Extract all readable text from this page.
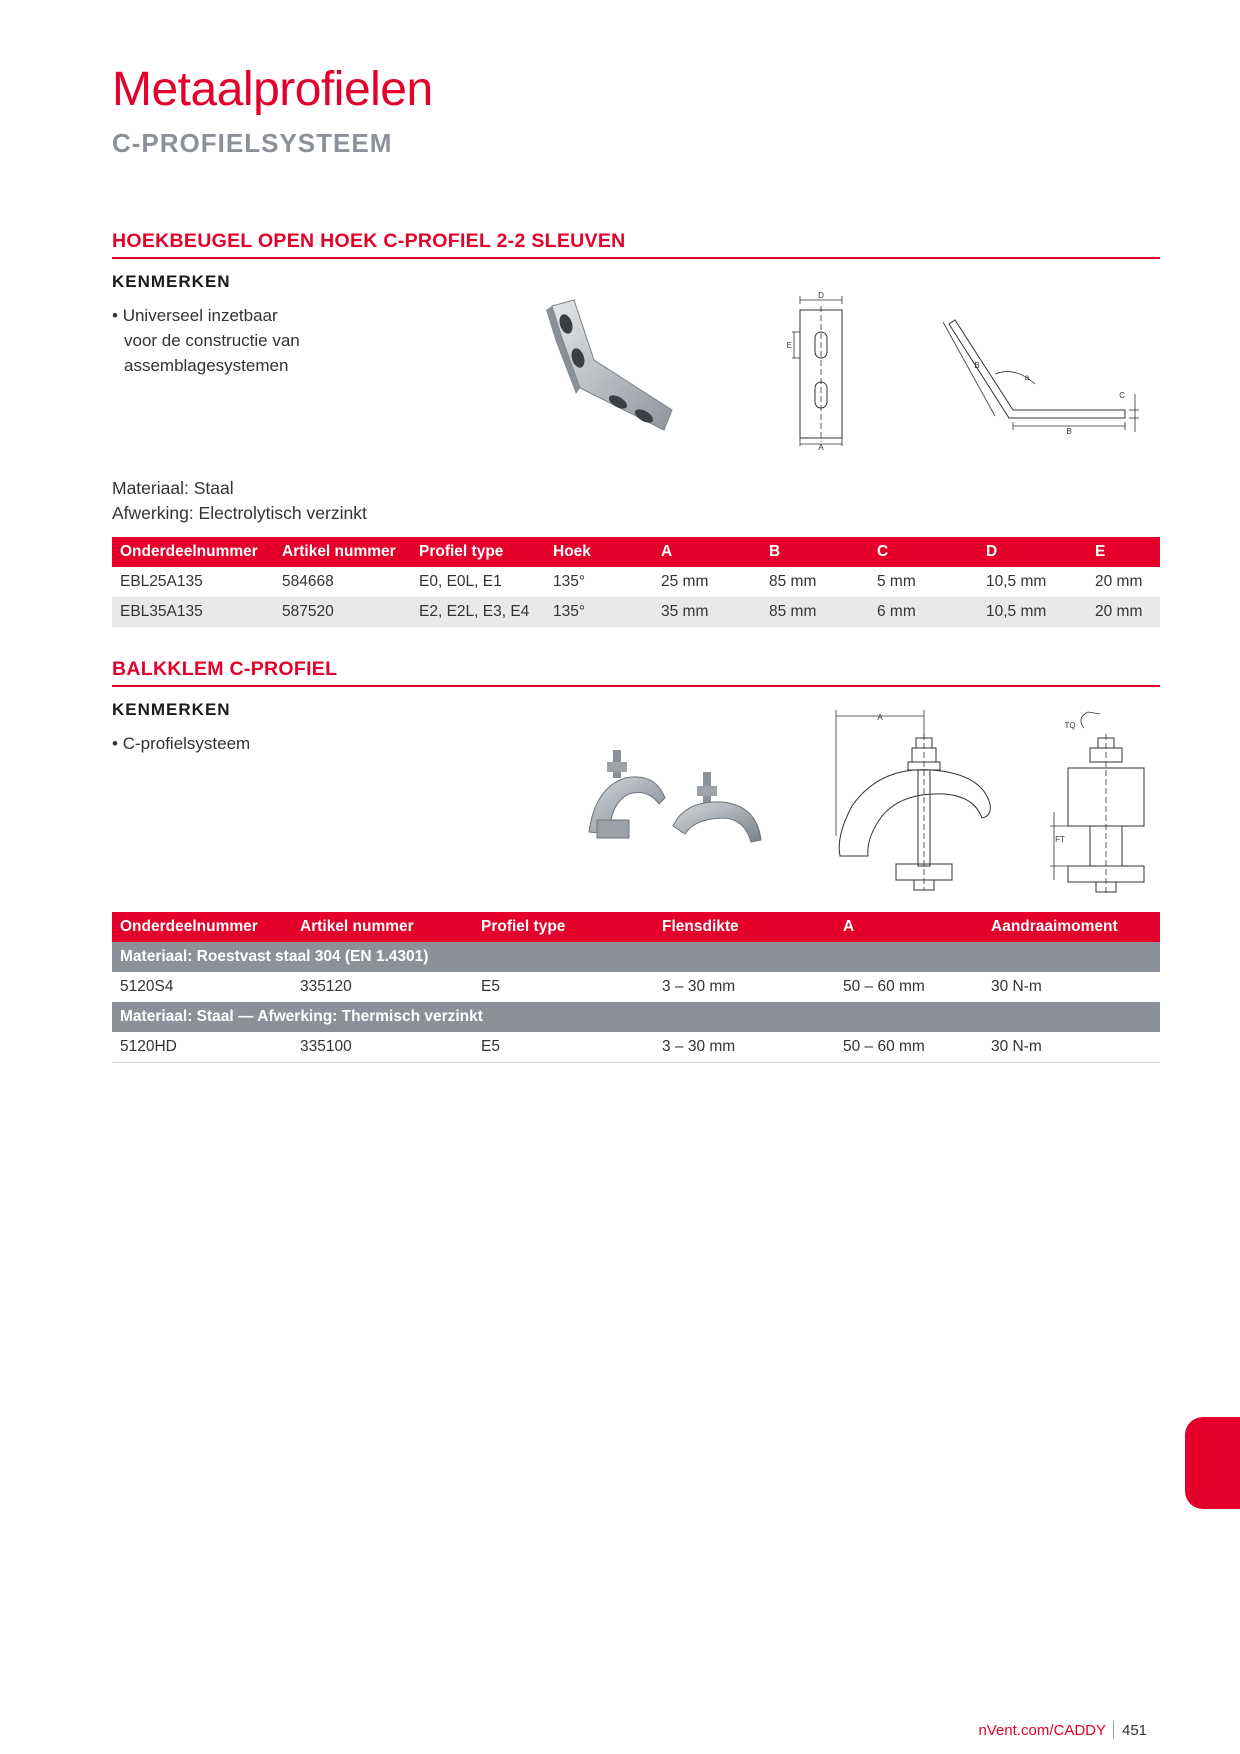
Metaalprofielen
C-PROFIELSYSTEEM
HOEKBEUGEL OPEN HOEK C-PROFIEL 2-2 SLEUVEN
KENMERKEN
• Universeel inzetbaar
voor de constructie van
assemblagesystemen
D
E
A
B
a
C
B
Materiaal: Staal
Afwerking: Electrolytisch verzinkt
Onderdeelnummer	Artikel nummer	Profiel type	Hoek	A	B	C	D	E
EBL25A135	584668	E0, E0L, E1	135°	25 mm	85 mm	5 mm	10,5 mm	20 mm
EBL35A135	587520	E2, E2L, E3, E4	135°	35 mm	85 mm	6 mm	10,5 mm	20 mm
BALKKLEM C-PROFIEL
KENMERKEN
• C-profielsysteem
A
TQ
FT
Onderdeelnummer	Artikel nummer	Profiel type	Flensdikte	A	Aandraaimoment
Materiaal: Roestvast staal 304 (EN 1.4301)					
5120S4	335120	E5	3 – 30 mm	50 – 60 mm	30 N-m
Materiaal: Staal — Afwerking: Thermisch verzinkt					
5120HD	335100	E5	3 – 30 mm	50 – 60 mm	30 N-m
nVent.com/CADDY 451
